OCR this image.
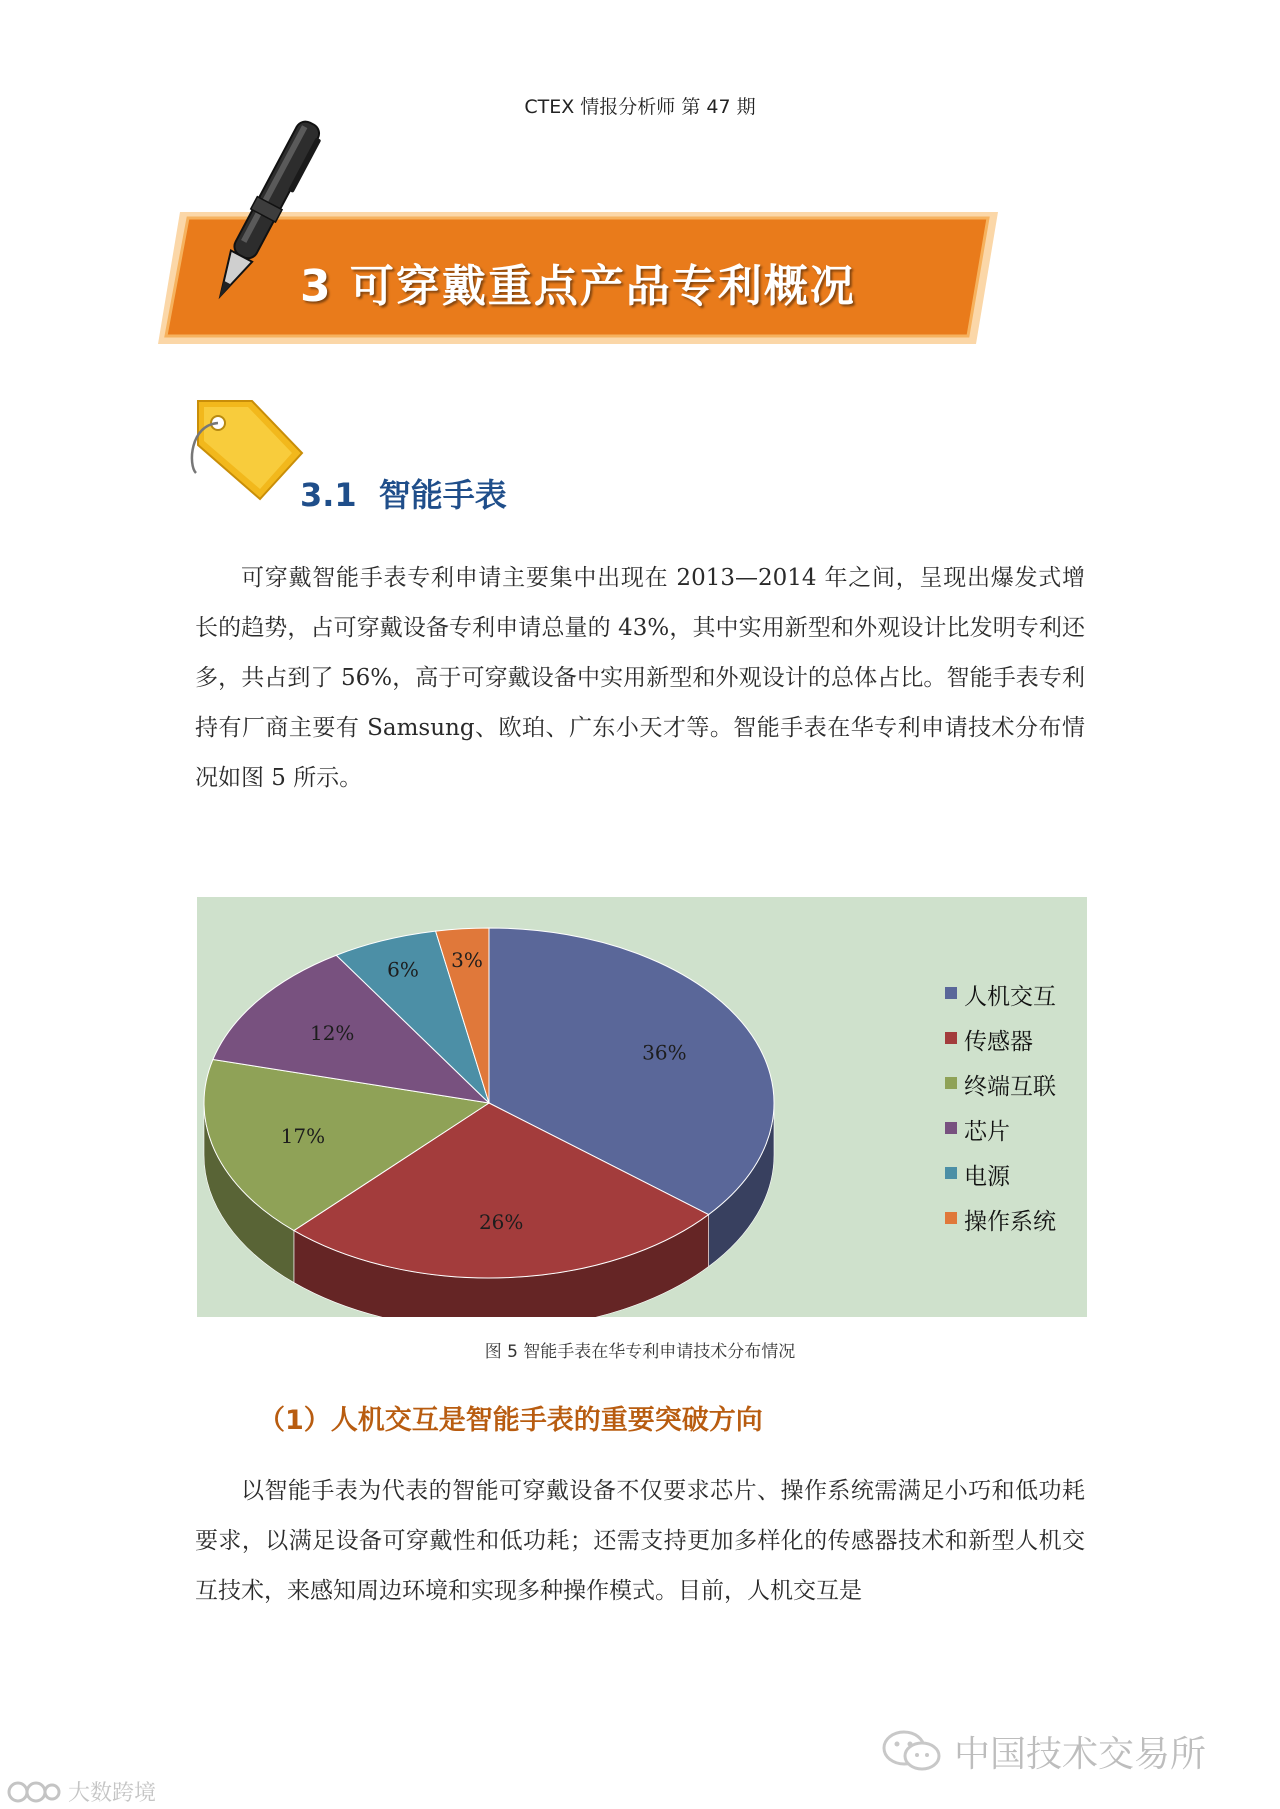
CTEX 情报分析师 第 47 期
3 可穿戴重点产品专利概况
3.1 智能手表
可穿戴智能手表专利申请主要集中出现在 2013—2014 年之间，呈现出爆发式增长的趋势，占可穿戴设备专利申请总量的 43%，其中实用新型和外观设计比发明专利还多，共占到了 56%，高于可穿戴设备中实用新型和外观设计的总体占比。智能手表专利持有厂商主要有 Samsung、欧珀、广东小天才等。智能手表在华专利申请技术分布情况如图 5 所示。
36%
26%
17%
12%
6% 3%
人机交互
传感器
终端互联
芯片
电源
操作系统
图 5 智能手表在华专利申请技术分布情况
（1）人机交互是智能手表的重要突破方向
以智能手表为代表的智能可穿戴设备不仅要求芯片、操作系统需满足小巧和低功耗要求，以满足设备可穿戴性和低功耗；还需支持更加多样化的传感器技术和新型人机交互技术，来感知周边环境和实现多种操作模式。目前，人机交互是
中国技术交易所
大数跨境
